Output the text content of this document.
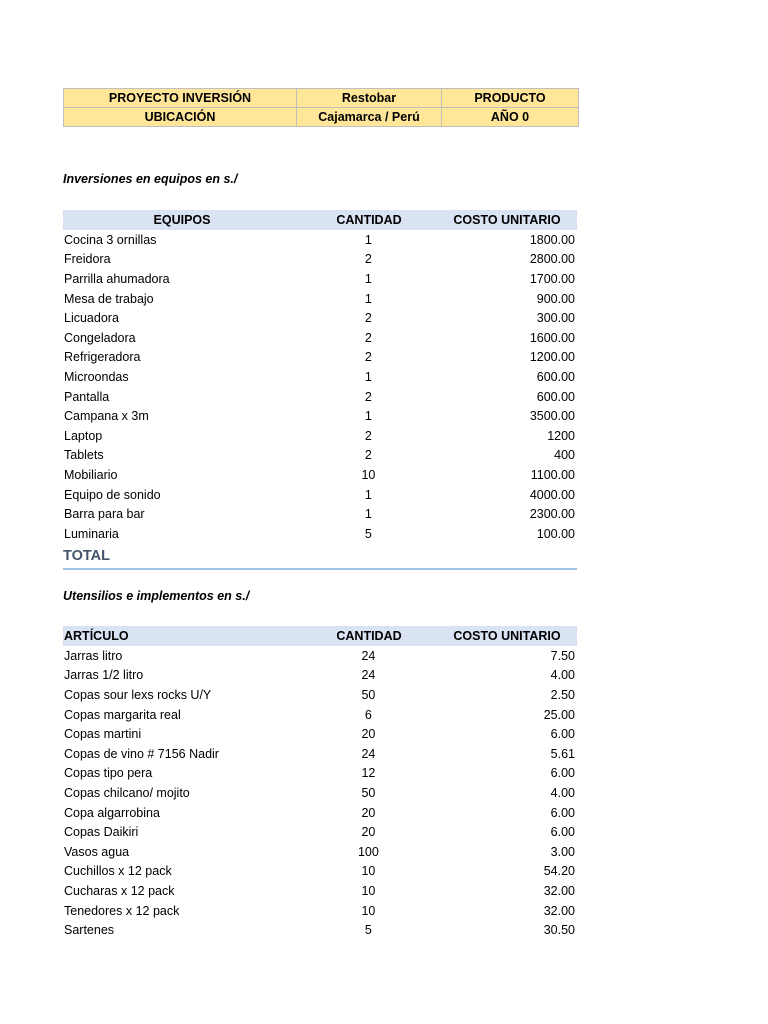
PROYECTO INVERSIÓN	Restobar	PRODUCTO
UBICACIÓN	Cajamarca / Perú	AÑO 0
Inversiones en equipos en s./
EQUIPOS	CANTIDAD	COSTO UNITARIO
Cocina 3 ornillas	1	1800.00
Freidora	2	2800.00
Parrilla ahumadora	1	1700.00
Mesa de trabajo	1	900.00
Licuadora	2	300.00
Congeladora	2	1600.00
Refrigeradora	2	1200.00
Microondas	1	600.00
Pantalla	2	600.00
Campana x 3m	1	3500.00
Laptop	2	1200
Tablets	2	400
Mobiliario	10	1100.00
Equipo de sonido	1	4000.00
Barra para bar	1	2300.00
Luminaria	5	100.00
TOTAL
Utensilios e implementos en s./
ARTÍCULO	CANTIDAD	COSTO UNITARIO
Jarras litro	24	7.50
Jarras 1/2 litro	24	4.00
Copas sour lexs rocks U/Y	50	2.50
Copas margarita real	6	25.00
Copas martini	20	6.00
Copas de vino # 7156 Nadir	24	5.61
Copas tipo pera	12	6.00
Copas chilcano/ mojito	50	4.00
Copa algarrobina	20	6.00
Copas Daikiri	20	6.00
Vasos agua	100	3.00
Cuchillos x 12 pack	10	54.20
Cucharas x 12 pack	10	32.00
Tenedores x 12 pack	10	32.00
Sartenes	5	30.50
